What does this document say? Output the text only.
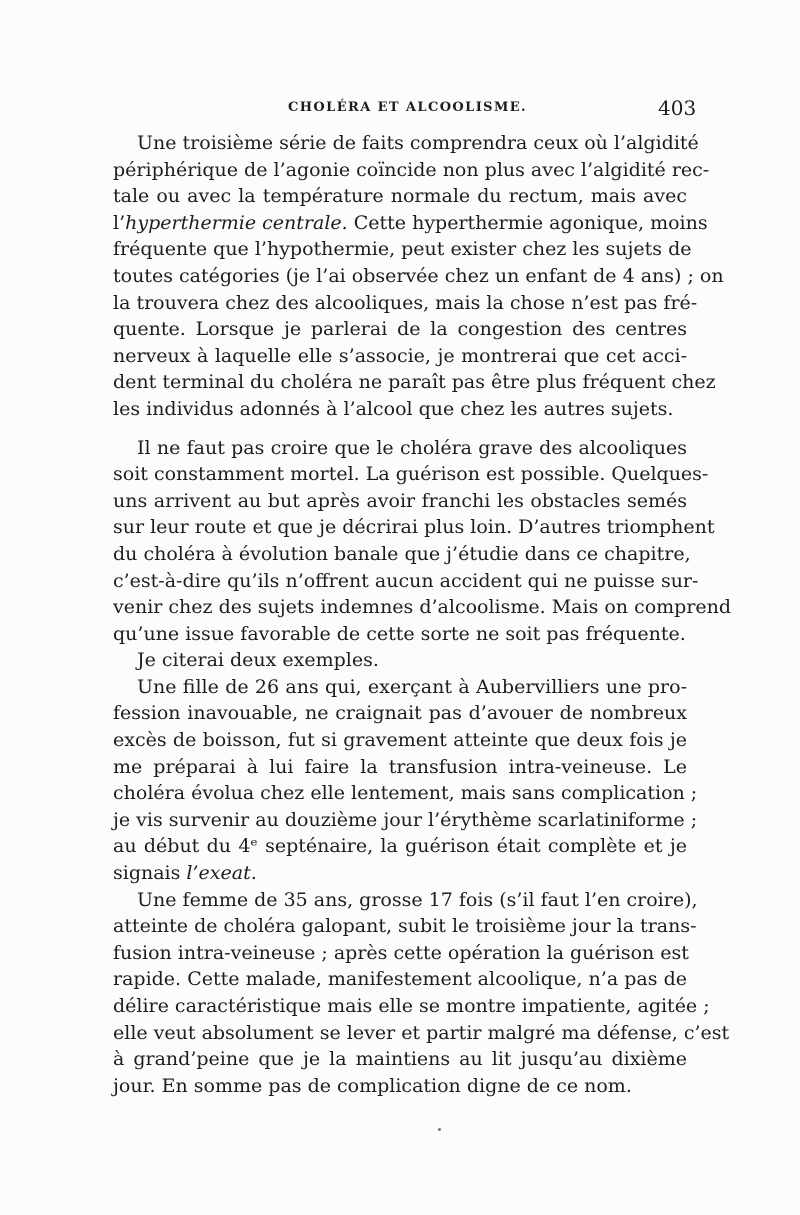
CHOLÉRA ET ALCOOLISME.	403
Une troisième série de faits comprendra ceux où l’algidité
périphérique de l’agonie coïncide non plus avec l’algidité rec-
tale ou avec la température normale du rectum, mais avec
l’hyperthermie centrale. Cette hyperthermie agonique, moins
fréquente que l’hypothermie, peut exister chez les sujets de
toutes catégories (je l’ai observée chez un enfant de 4 ans) ; on
la trouvera chez des alcooliques, mais la chose n’est pas fré-
quente. Lorsque je parlerai de la congestion des centres
nerveux à laquelle elle s’associe, je montrerai que cet acci-
dent terminal du choléra ne paraît pas être plus fréquent chez
les individus adonnés à l’alcool que chez les autres sujets.
Il ne faut pas croire que le choléra grave des alcooliques
soit constamment mortel. La guérison est possible. Quelques-
uns arrivent au but après avoir franchi les obstacles semés
sur leur route et que je décrirai plus loin. D’autres triomphent
du choléra à évolution banale que j’étudie dans ce chapitre,
c’est-à-dire qu’ils n’offrent aucun accident qui ne puisse sur-
venir chez des sujets indemnes d’alcoolisme. Mais on comprend
qu’une issue favorable de cette sorte ne soit pas fréquente.
Je citerai deux exemples.
Une fille de 26 ans qui, exerçant à Aubervilliers une pro-
fession inavouable, ne craignait pas d’avouer de nombreux
excès de boisson, fut si gravement atteinte que deux fois je
me préparai à lui faire la transfusion intra-veineuse. Le
choléra évolua chez elle lentement, mais sans complication ;
je vis survenir au douzième jour l’érythème scarlatiniforme ;
au début du 4ᵉ septénaire, la guérison était complète et je
signais l’exeat.
Une femme de 35 ans, grosse 17 fois (s’il faut l’en croire),
atteinte de choléra galopant, subit le troisième jour la trans-
fusion intra-veineuse ; après cette opération la guérison est
rapide. Cette malade, manifestement alcoolique, n’a pas de
délire caractéristique mais elle se montre impatiente, agitée ;
elle veut absolument se lever et partir malgré ma défense, c’est
à grand’peine que je la maintiens au lit jusqu’au dixième
jour. En somme pas de complication digne de ce nom.
